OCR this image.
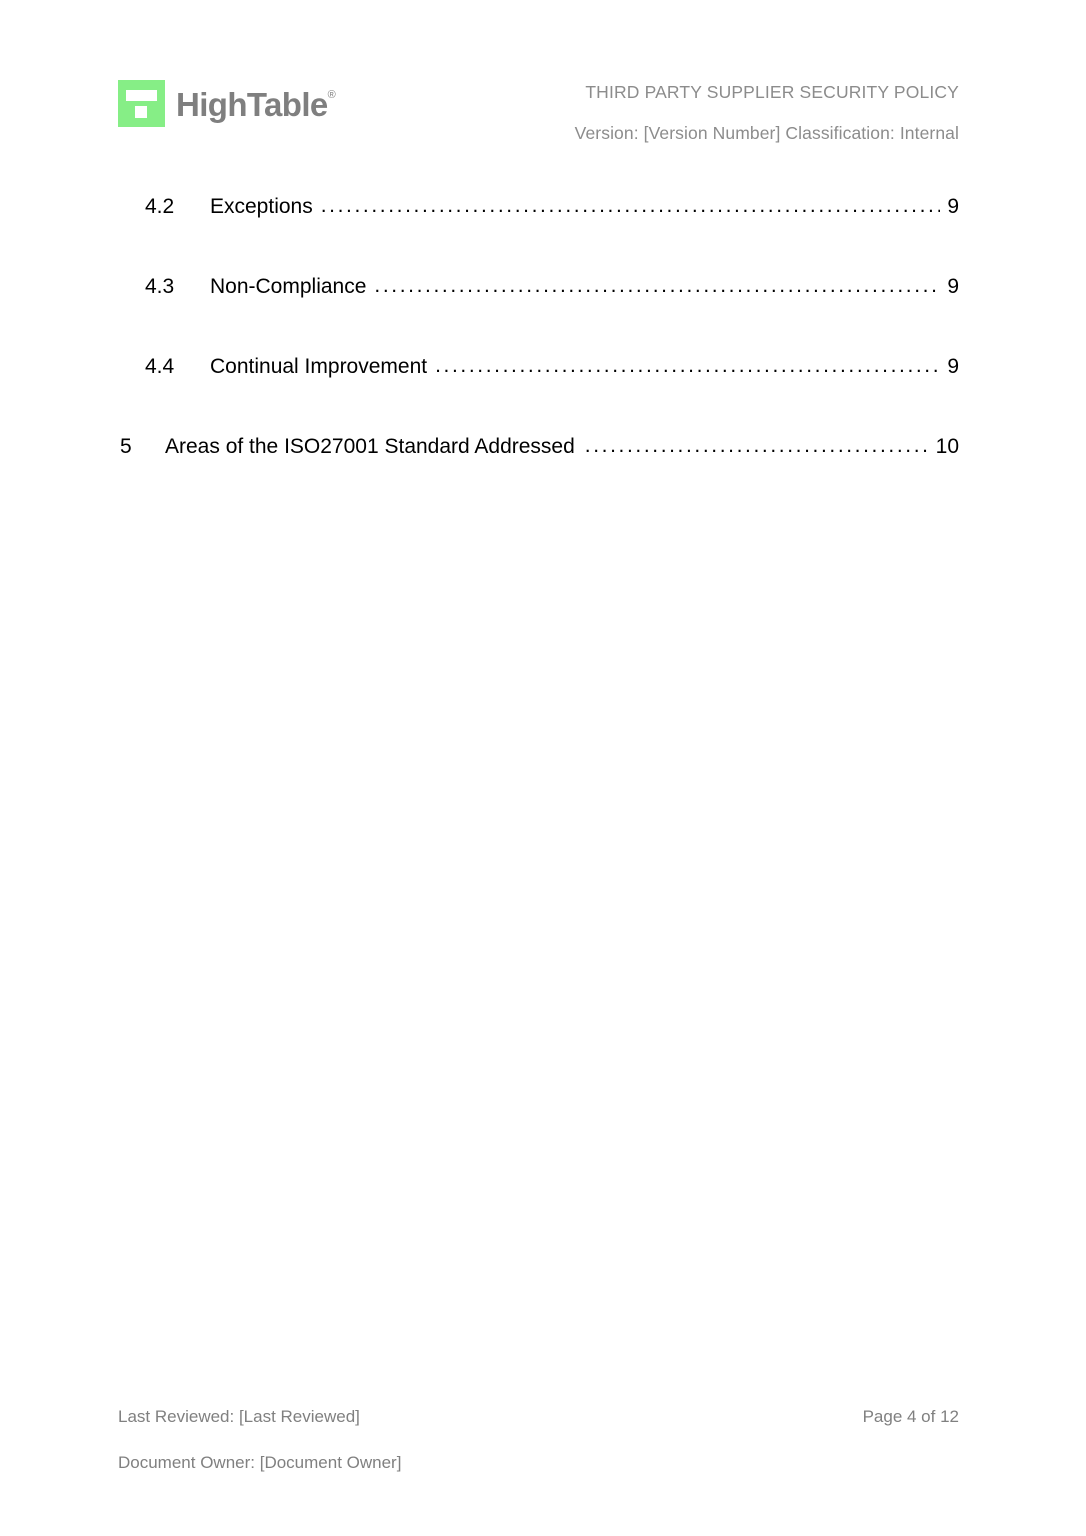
HighTable®	THIRD PARTY SUPPLIER SECURITY POLICY
Version: [Version Number] Classification: Internal
4.2	Exceptions .....	9
4.3	Non-Compliance .....	9
4.4	Continual Improvement .....	9
5	Areas of the ISO27001 Standard Addressed .....	10
Last Reviewed: [Last Reviewed]	Page 4 of 12
Document Owner: [Document Owner]
